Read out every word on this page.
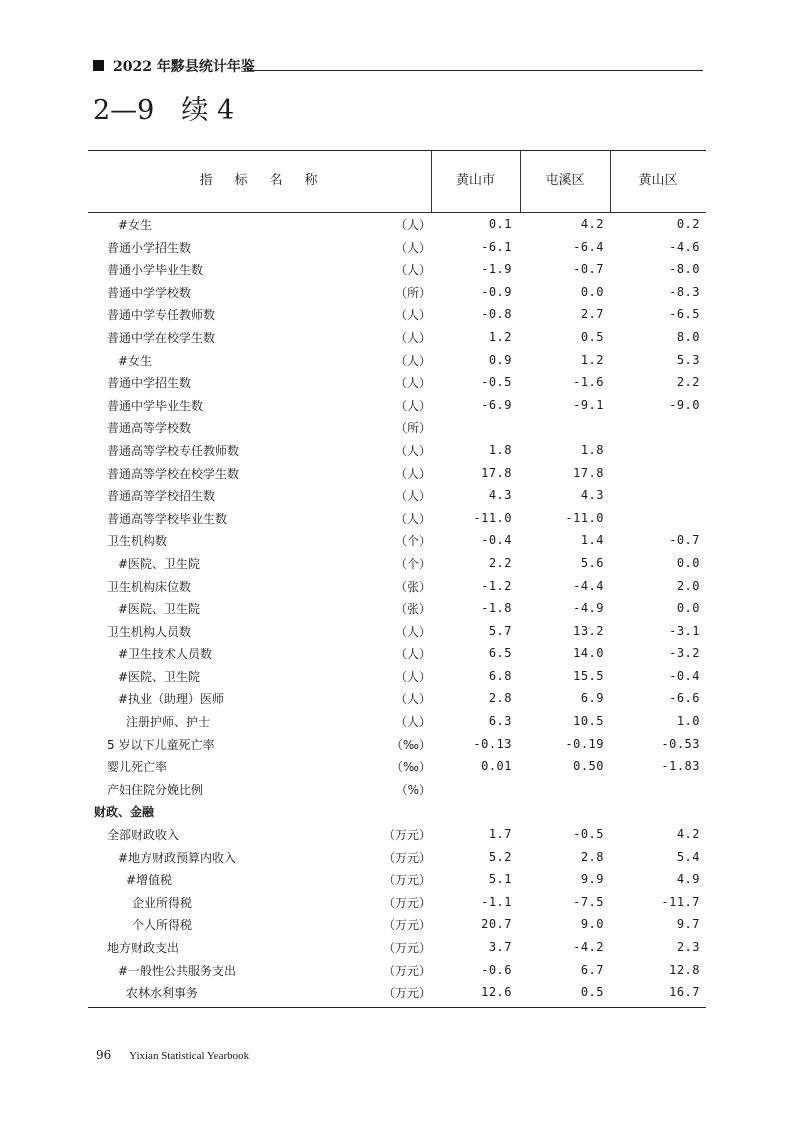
2022 年黟县统计年鉴
2—9　续 4
指 标 名 称	黄山市	屯溪区	黄山区
#女生	（人）	0.1	4.2	0.2
普通小学招生数	（人）	-6.1	-6.4	-4.6
普通小学毕业生数	（人）	-1.9	-0.7	-8.0
普通中学学校数	（所）	-0.9	0.0	-8.3
普通中学专任教师数	（人）	-0.8	2.7	-6.5
普通中学在校学生数	（人）	1.2	0.5	8.0
#女生	（人）	0.9	1.2	5.3
普通中学招生数	（人）	-0.5	-1.6	2.2
普通中学毕业生数	（人）	-6.9	-9.1	-9.0
普通高等学校数	（所）
普通高等学校专任教师数	（人）	1.8	1.8
普通高等学校在校学生数	（人）	17.8	17.8
普通高等学校招生数	（人）	4.3	4.3
普通高等学校毕业生数	（人）	-11.0	-11.0
卫生机构数	（个）	-0.4	1.4	-0.7
#医院、卫生院	（个）	2.2	5.6	0.0
卫生机构床位数	（张）	-1.2	-4.4	2.0
#医院、卫生院	（张）	-1.8	-4.9	0.0
卫生机构人员数	（人）	5.7	13.2	-3.1
#卫生技术人员数	（人）	6.5	14.0	-3.2
#医院、卫生院	（人）	6.8	15.5	-0.4
#执业（助理）医师	（人）	2.8	6.9	-6.6
注册护师、护士	（人）	6.3	10.5	1.0
5 岁以下儿童死亡率	（‰）	-0.13	-0.19	-0.53
婴儿死亡率	（‰）	0.01	0.50	-1.83
产妇住院分娩比例	（%）
财政、金融
全部财政收入	（万元）	1.7	-0.5	4.2
#地方财政预算内收入	（万元）	5.2	2.8	5.4
#增值税	（万元）	5.1	9.9	4.9
企业所得税	（万元）	-1.1	-7.5	-11.7
个人所得税	（万元）	20.7	9.0	9.7
地方财政支出	（万元）	3.7	-4.2	2.3
#一般性公共服务支出	（万元）	-0.6	6.7	12.8
农林水利事务	（万元）	12.6	0.5	16.7
96 Yixian Statistical Yearbook
